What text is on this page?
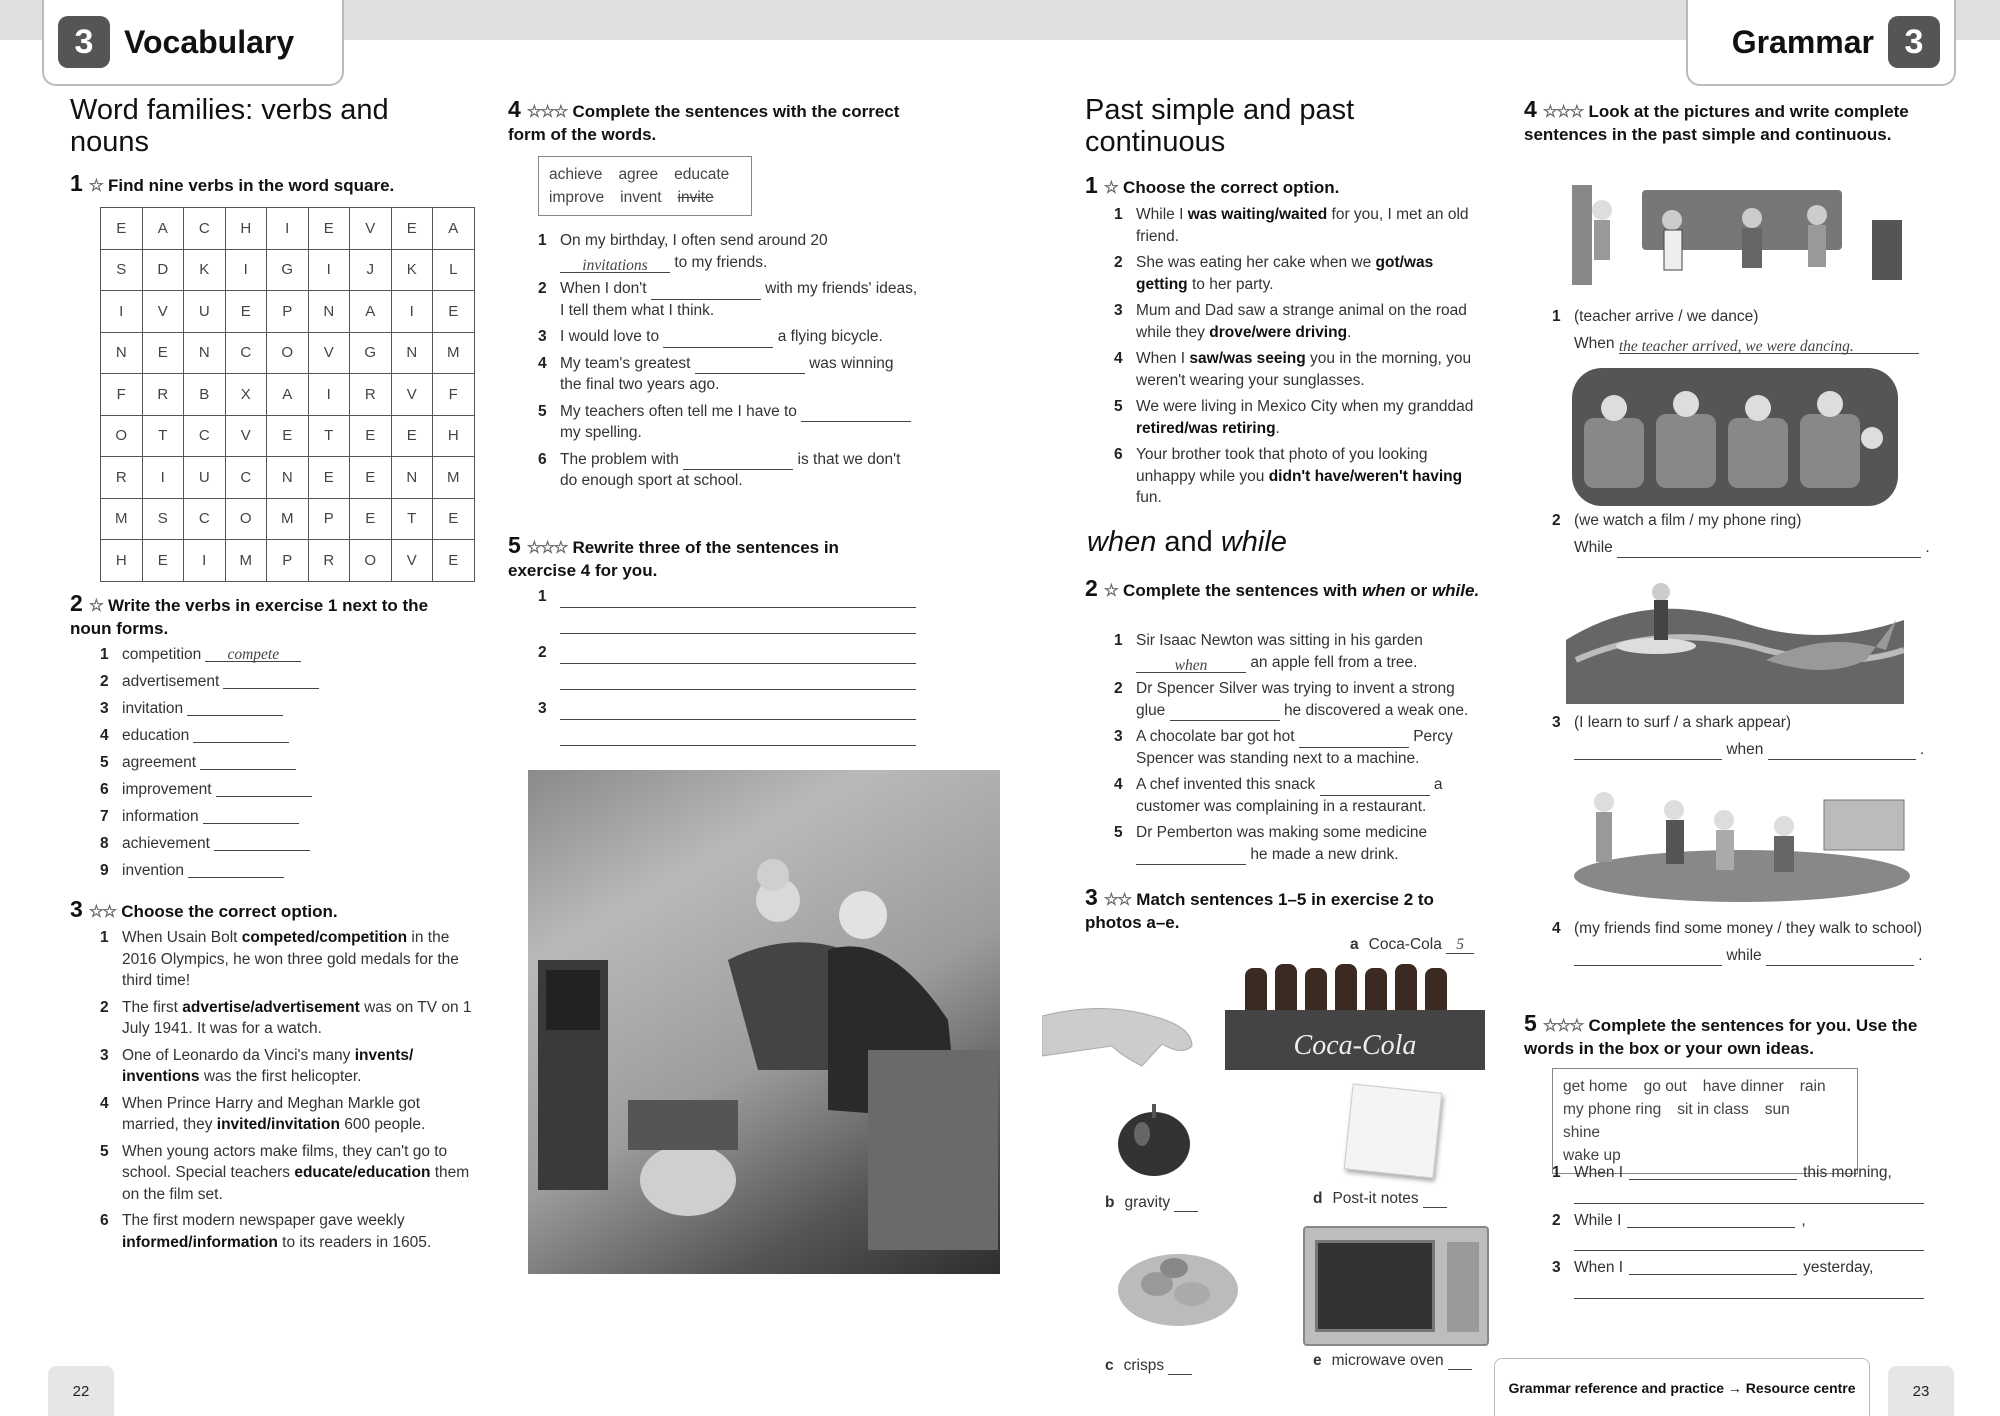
3 Vocabulary	Grammar 3
Word families: verbs and nouns
1 ☆ Find nine verbs in the word square.
E	A	C	H	I	E	V	E	A
S	D	K	I	G	I	J	K	L
I	V	U	E	P	N	A	I	E
N	E	N	C	O	V	G	N	M
F	R	B	X	A	I	R	V	F
O	T	C	V	E	T	E	E	H
R	I	U	C	N	E	E	N	M
M	S	C	O	M	P	E	T	E
H	E	I	M	P	R	O	V	E
2 ☆ Write the verbs in exercise 1 next to the noun forms.
1 competition	compete
2 advertisement
3 invitation
4 education
5 agreement
6 improvement
7 information
8 achievement
9 invention
3 ☆☆ Choose the correct option.
1 When Usain Bolt competed/competition in the 2016 Olympics, he won three gold medals for the third time!
2 The first advertise/advertisement was on TV on 1 July 1941. It was for a watch.
3 One of Leonardo da Vinci's many invents/ inventions was the first helicopter.
4 When Prince Harry and Meghan Markle got married, they invited/invitation 600 people.
5 When young actors make films, they can't go to school. Special teachers educate/education them on the film set.
6 The first modern newspaper gave weekly informed/information to its readers in 1605.
4 ☆☆☆ Complete the sentences with the correct form of the words.
achieve agree educate
improve invent invite
1 On my birthday, I often send around 20 invitations to my friends.
2 When I don't	with my friends' ideas, I tell them what I think.
3 I would love to	a flying bicycle.
4 My team's greatest	was winning the final two years ago.
5 My teachers often tell me I have to  my spelling.
6 The problem with	is that we don't do enough sport at school.
5 ☆☆☆ Rewrite three of the sentences in exercise 4 for you.
1
2
3
Past simple and past continuous
1 ☆ Choose the correct option.
1 While I was waiting/waited for you, I met an old friend.
2 She was eating her cake when we got/was getting to her party.
3 Mum and Dad saw a strange animal on the road while they drove/were driving.
4 When I saw/was seeing you in the morning, you weren't wearing your sunglasses.
5 We were living in Mexico City when my granddad retired/was retiring.
6 Your brother took that photo of you looking unhappy while you didn't have/weren't having fun.
when and while
2 ☆ Complete the sentences with when or while.
1 Sir Isaac Newton was sitting in his garden when	an apple fell from a tree.
2 Dr Spencer Silver was trying to invent a strong glue	he discovered a weak one.
3 A chocolate bar got hot	Percy Spencer was standing next to a machine.
4 A chef invented this snack	a customer was complaining in a restaurant.
5 Dr Pemberton was making some medicine  he made a new drink.
3 ☆☆ Match sentences 1–5 in exercise 2 to photos a–e.
a Coca-Cola 5
Coca-Cola
b gravity	d Post-it notes
c crisps	e microwave oven
4 ☆☆☆ Look at the pictures and write complete sentences in the past simple and continuous.
1 (teacher arrive / we dance)
When the teacher arrived, we were dancing.
2 (we watch a film / my phone ring)
While	.
3 (I learn to surf / a shark appear)
when	.
4 (my friends find some money / they walk to school)
while	.
5 ☆☆☆ Complete the sentences for you. Use the words in the box or your own ideas.
get home go out have dinner rain
my phone ring sit in class sun shine
wake up
1 When I	this morning,
2 While I	,
3 When I	yesterday,
22	Grammar reference and practice → Resource centre	23
